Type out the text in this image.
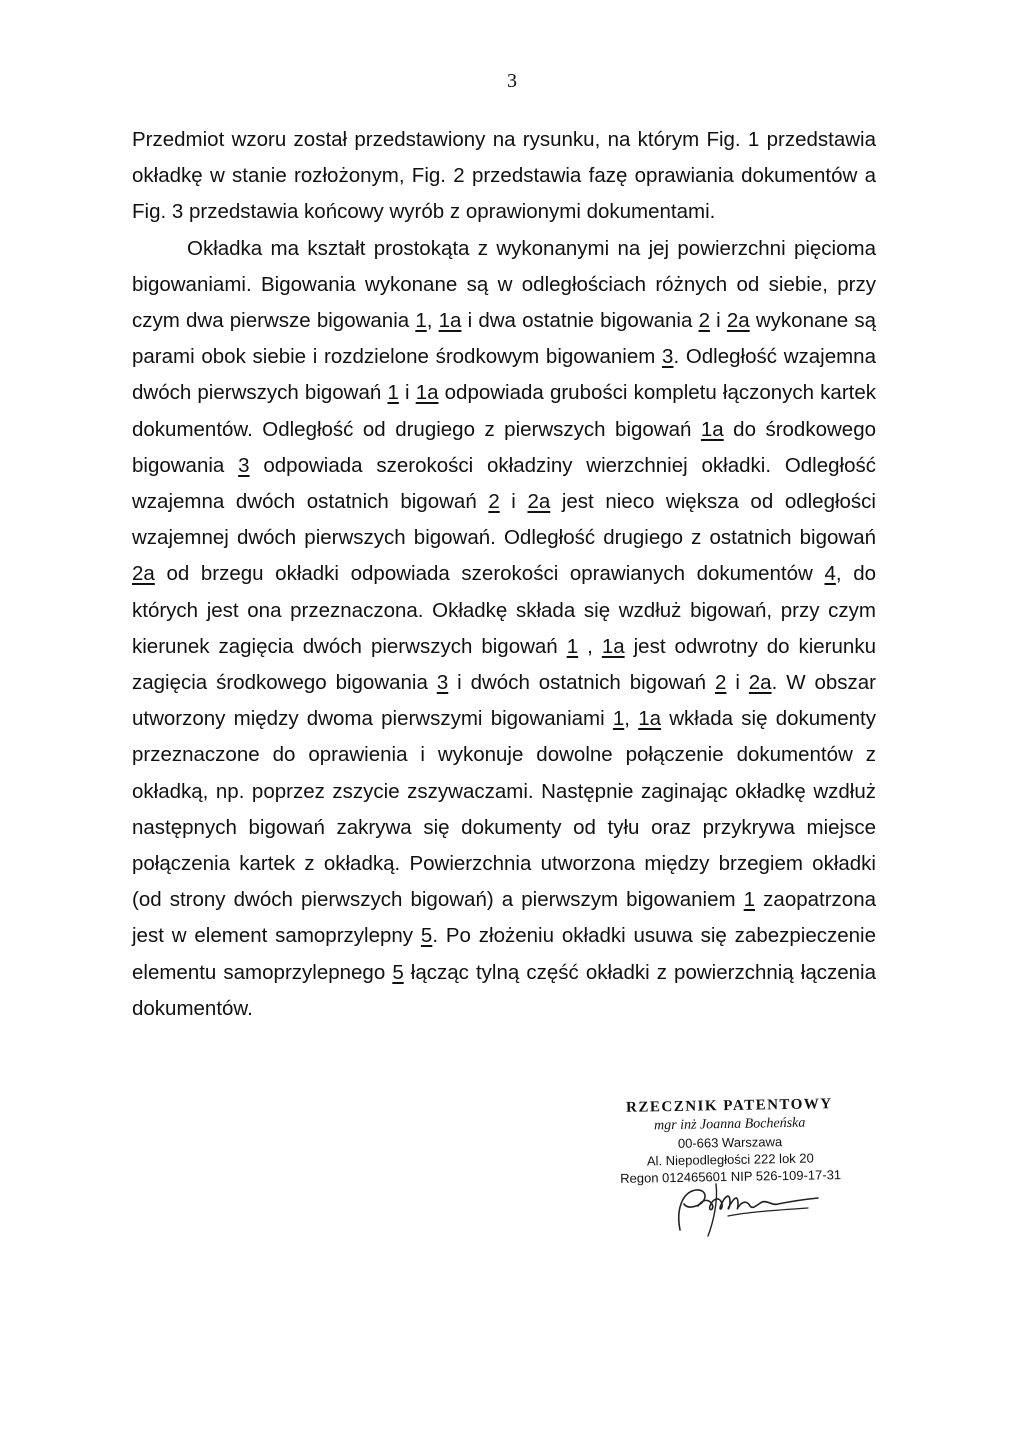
3

Przedmiot wzoru został przedstawiony na rysunku, na którym Fig. 1 przedstawia okładkę w stanie rozłożonym, Fig. 2 przedstawia fazę oprawiania dokumentów a Fig. 3 przedstawia końcowy wyrób z oprawionymi dokumentami.

Okładka ma kształt prostokąta z wykonanymi na jej powierzchni pięcioma bigowaniami. Bigowania wykonane są w odległościach różnych od siebie, przy czym dwa pierwsze bigowania 1, 1a i dwa ostatnie bigowania 2 i 2a wykonane są parami obok siebie i rozdzielone środkowym bigowaniem 3. Odległość wzajemna dwóch pierwszych bigowań 1 i 1a odpowiada grubości kompletu łączonych kartek dokumentów. Odległość od drugiego z pierwszych bigowań 1a do środkowego bigowania 3 odpowiada szerokości okładziny wierzchniej okładki. Odległość wzajemna dwóch ostatnich bigowań 2 i 2a jest nieco większa od odległości wzajemnej dwóch pierwszych bigowań. Odległość drugiego z ostatnich bigowań 2a od brzegu okładki odpowiada szerokości oprawianych dokumentów 4, do których jest ona przeznaczona. Okładkę składa się wzdłuż bigowań, przy czym kierunek zagięcia dwóch pierwszych bigowań 1 , 1a jest odwrotny do kierunku zagięcia środkowego bigowania 3 i dwóch ostatnich bigowań 2 i 2a. W obszar utworzony między dwoma pierwszymi bigowaniami 1, 1a wkłada się dokumenty przeznaczone do oprawienia i wykonuje dowolne połączenie dokumentów z okładką, np. poprzez zszycie zszywaczami. Następnie zaginając okładkę wzdłuż następnych bigowań zakrywa się dokumenty od tyłu oraz przykrywa miejsce połączenia kartek z okładką. Powierzchnia utworzona między brzegiem okładki (od strony dwóch pierwszych bigowań) a pierwszym bigowaniem 1 zaopatrzona jest w element samoprzylepny 5. Po złożeniu okładki usuwa się zabezpieczenie elementu samoprzylepnego 5 łącząc tylną część okładki z powierzchnią łączenia dokumentów.

RZECZNIK PATENTOWY
mgr inż Joanna Bocheńska
00-663 Warszawa
Al. Niepodległości 222 lok 20
Regon 012465601 NIP 526-109-17-31
